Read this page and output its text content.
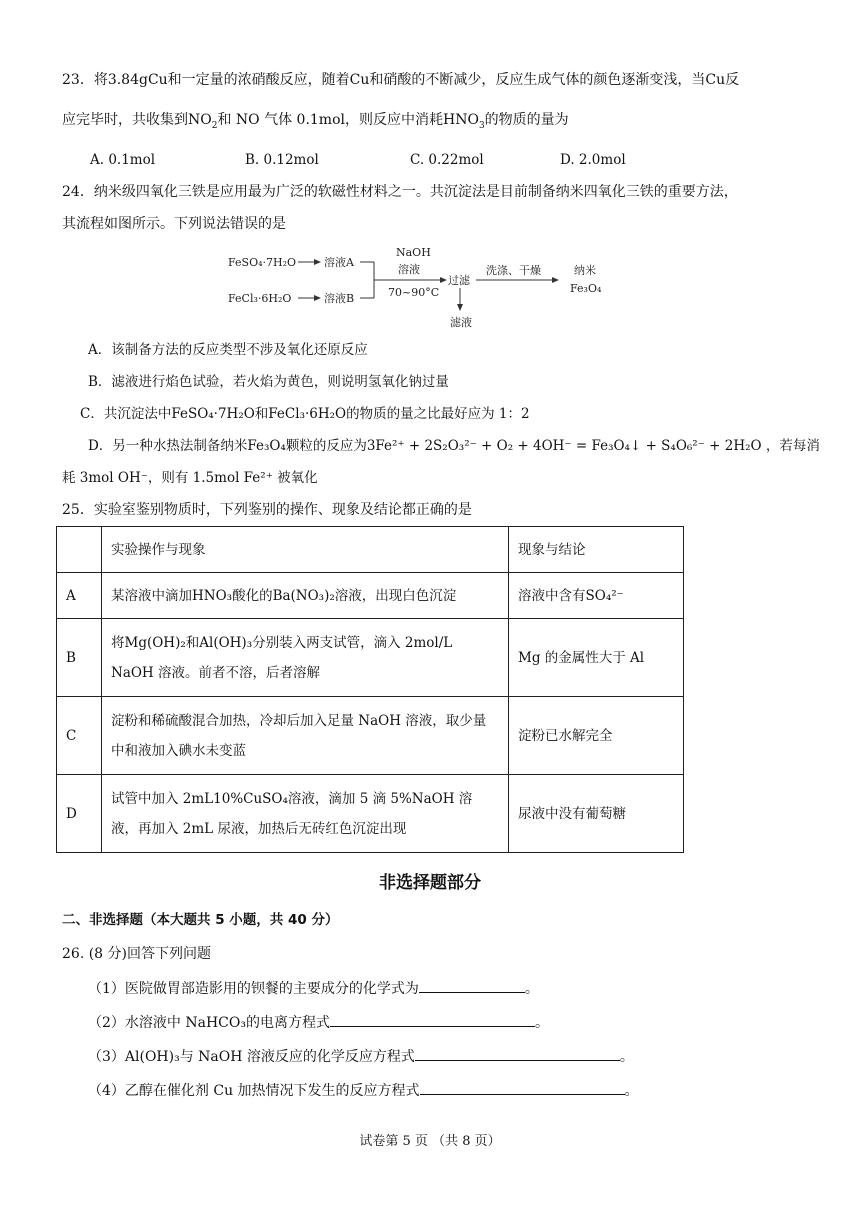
23．将3.84gCu和一定量的浓硝酸反应，随着Cu和硝酸的不断减少，反应生成气体的颜色逐渐变浅，当Cu反
应完毕时，共收集到$NO_2$和 NO 气体 0.1mol，则反应中消耗$HNO_3$的物质的量为
A. 0.1mol	B. 0.12mol	C. 0.22mol	D. 2.0mol
24．纳米级四氧化三铁是应用最为广泛的软磁性材料之一。共沉淀法是目前制备纳米四氧化三铁的重要方法，
其流程如图所示。下列说法错误的是
FeSO₄·7H₂O	溶液A
FeCl₃·6H₂O	溶液B
NaOH
溶液
70~90°C
过滤
洗涤、干燥	纳米
Fe₃O₄
滤液
A．该制备方法的反应类型不涉及氧化还原反应
B．滤液进行焰色试验，若火焰为黄色，则说明氢氧化钠过量
C．共沉淀法中FeSO₄·7H₂O和FeCl₃·6H₂O的物质的量之比最好应为 1：2
D．另一种水热法制备纳米Fe₃O₄颗粒的反应为3Fe²⁺ + 2S₂O₃²⁻ + O₂ + 4OH⁻ = Fe₃O₄↓ + S₄O₆²⁻ + 2H₂O ，若每消
耗 3mol OH⁻，则有 1.5mol Fe²⁺ 被氧化
25．实验室鉴别物质时，下列鉴别的操作、现象及结论都正确的是
	实验操作与现象	现象与结论
A	某溶液中滴加HNO₃酸化的Ba(NO₃)₂溶液，出现白色沉淀	溶液中含有SO₄²⁻
B	将Mg(OH)₂和Al(OH)₃分别装入两支试管，滴入 2mol/L NaOH 溶液。前者不溶，后者溶解	Mg 的金属性大于 Al
C	淀粉和稀硫酸混合加热，冷却后加入足量 NaOH 溶液，取少量中和液加入碘水未变蓝	淀粉已水解完全
D	试管中加入 2mL10%CuSO₄溶液，滴加 5 滴 5%NaOH 溶液，再加入 2mL 尿液，加热后无砖红色沉淀出现	尿液中没有葡萄糖
非选择题部分
二、非选择题（本大题共 5 小题，共 40 分）
26. (8 分)回答下列问题
（1）医院做胃部造影用的钡餐的主要成分的化学式为	。
（2）水溶液中 NaHCO₃的电离方程式	。
（3）Al(OH)₃与 NaOH 溶液反应的化学反应方程式	。
（4）乙醇在催化剂 Cu 加热情况下发生的反应方程式	。
试卷第 5 页 （共 8 页）
